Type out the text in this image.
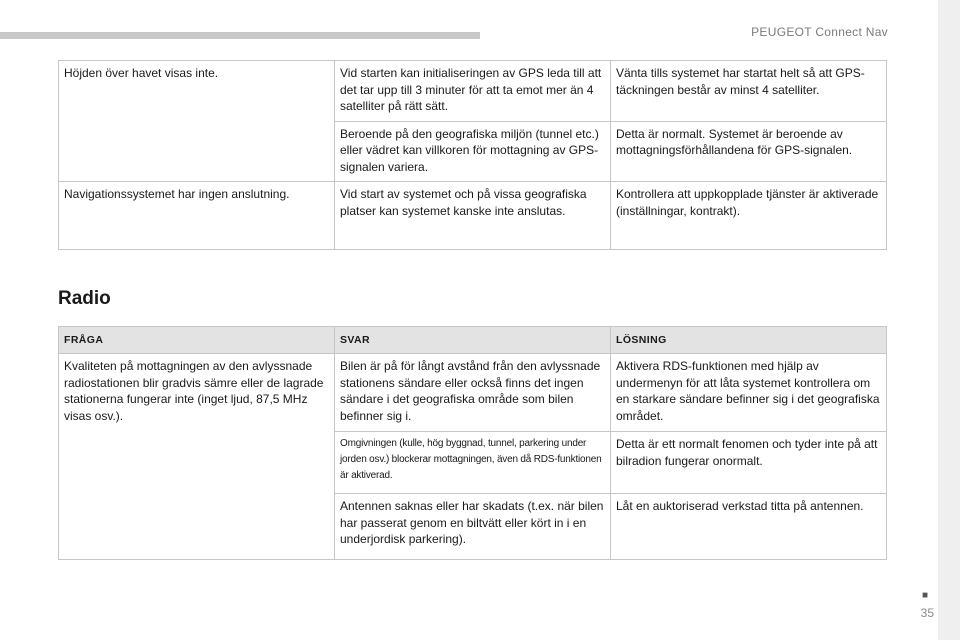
PEUGEOT Connect Nav
Höjden över havet visas inte.	Vid starten kan initialiseringen av GPS leda till att det tar upp till 3 minuter för att ta emot mer än 4 satelliter på rätt sätt.	Vänta tills systemet har startat helt så att GPS-täckningen består av minst 4 satelliter.
	Beroende på den geografiska miljön (tunnel etc.) eller vädret kan villkoren för mottagning av GPS-signalen variera.	Detta är normalt. Systemet är beroende av mottagningsförhållandena för GPS-signalen.
Navigationssystemet har ingen anslutning.	Vid start av systemet och på vissa geografiska platser kan systemet kanske inte anslutas.	Kontrollera att uppkopplade tjänster är aktiverade (inställningar, kontrakt).
Radio
FRÅGA	SVAR	LÖSNING
Kvaliteten på mottagningen av den avlyssnade radiostationen blir gradvis sämre eller de lagrade stationerna fungerar inte (inget ljud, 87,5 MHz visas osv.).	Bilen är på för långt avstånd från den avlyssnade stationens sändare eller också finns det ingen sändare i det geografiska område som bilen befinner sig i.	Aktivera RDS-funktionen med hjälp av undermenyn för att låta systemet kontrollera om en starkare sändare befinner sig i det geografiska området.
	Omgivningen (kulle, hög byggnad, tunnel, parkering under jorden osv.) blockerar mottagningen, även då RDS-funktionen är aktiverad.	Detta är ett normalt fenomen och tyder inte på att bilradion fungerar onormalt.
	Antennen saknas eller har skadats (t.ex. när bilen har passerat genom en biltvätt eller kört in i en underjordisk parkering).	Låt en auktoriserad verkstad titta på antennen.
■
35
